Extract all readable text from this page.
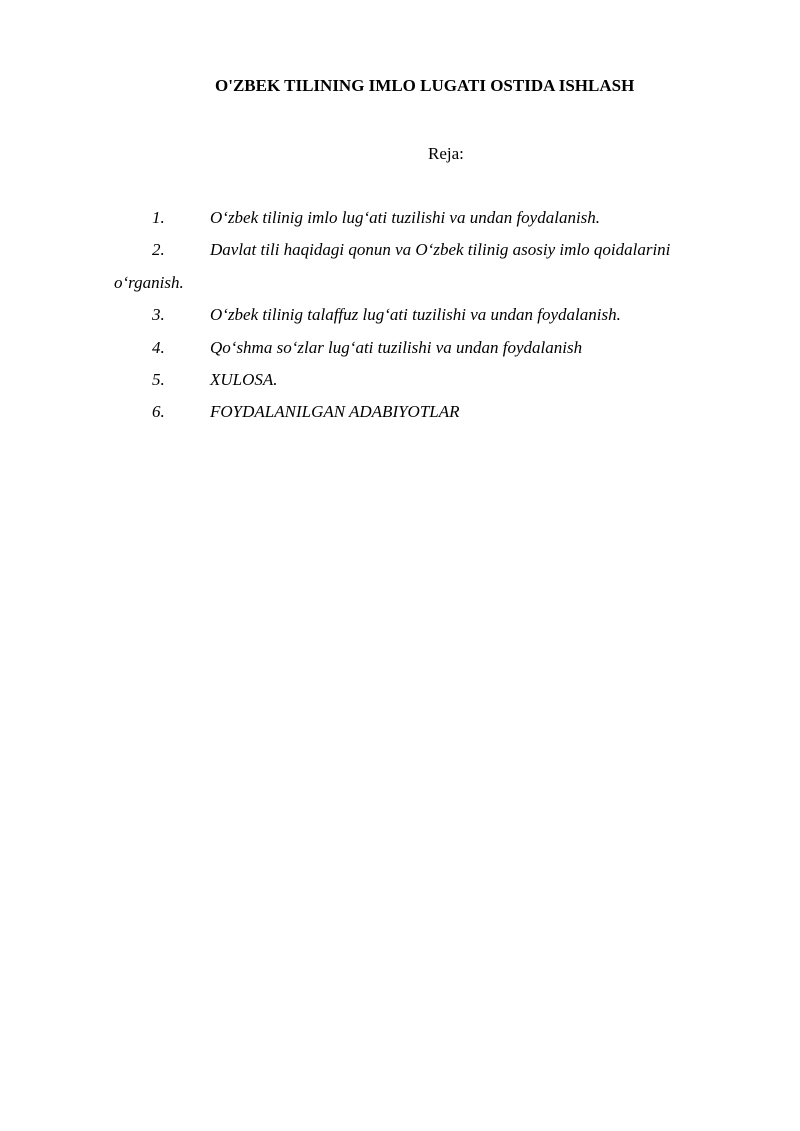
O'ZBEK TILINING IMLO LUGATI OSTIDA ISHLASH
Reja:
1.	O‘zbek tilinig imlo lug‘ati tuzilishi va undan foydalanish.
2.	Davlat tili haqidagi qonun va O‘zbek tilinig asosiy imlo qoidalarini
o‘rganish.
3.	O‘zbek tilinig talaffuz lug‘ati tuzilishi va undan foydalanish.
4.	Qo‘shma so‘zlar lug‘ati tuzilishi va undan foydalanish
5.	XULOSA.
6.	FOYDALANILGAN ADABIYOTLAR
